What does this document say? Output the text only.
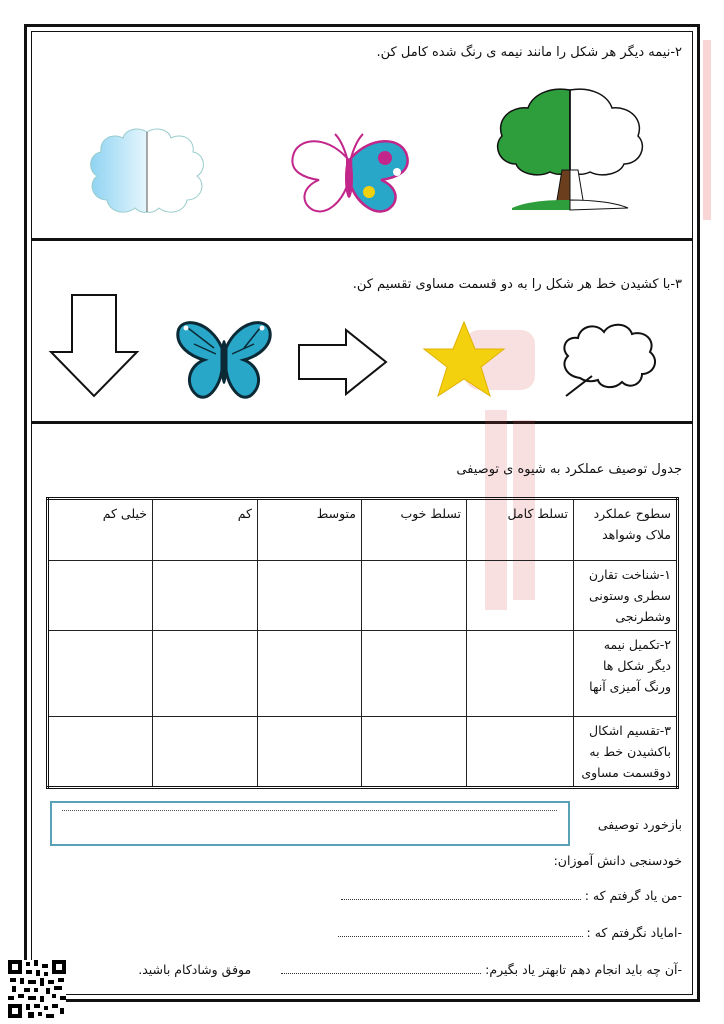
۲-نیمه دیگر هر شکل را مانند نیمه ی رنگ شده کامل کن.
۳-با کشیدن خط هر شکل را به دو قسمت مساوی تقسیم کن.
جدول توصیف عملکرد به شیوه ی توصیفی
سطوح عملکرد ملاک وشواهد	تسلط کامل	تسلط خوب	متوسط	کم	خیلی کم
۱-شناخت تقارن سطری وستونی وشطرنجی					
۲-تکمیل نیمه دیگر شکل ها ورنگ آمیزی آنها					
۳-تقسیم اشکال باکشیدن خط به دوقسمت مساوی					
بازخورد توصیفی
خودسنجی دانش آموزان:
-من یاد گرفتم که :
-امایاد نگرفتم که :
-آن چه باید انجام دهم تابهتر یاد بگیرم:   موفق وشادکام باشید.
